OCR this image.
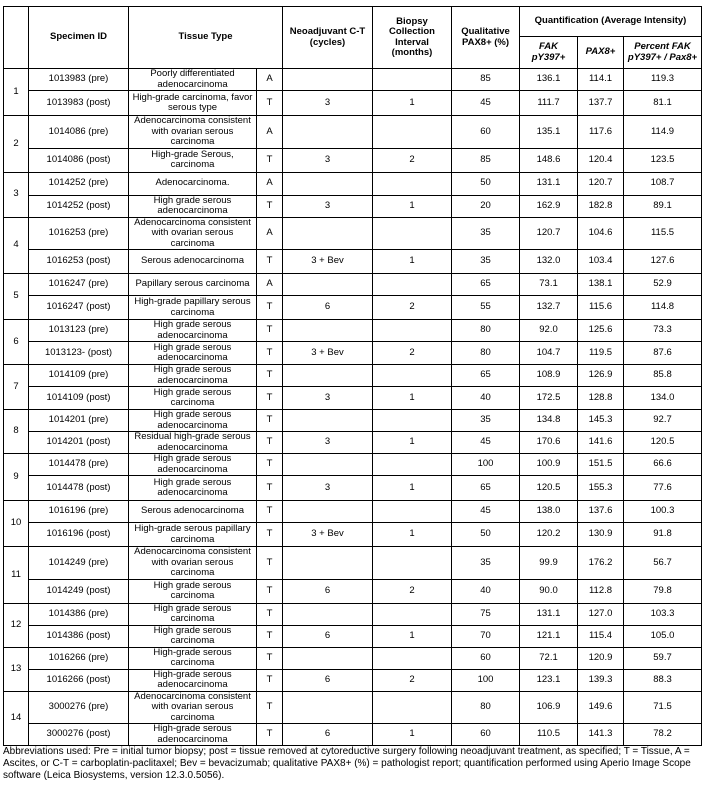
	Specimen ID	Tissue Type		Neoadjuvant C-T (cycles)	Biopsy Collection Interval (months)	Qualitative PAX8+ (%)	Quantification (Average Intensity)		
							FAK pY397+	PAX8+	Percent FAK pY397+ / Pax8+
1	1013983 (pre)	Poorly differentiated adenocarcinoma	A			85	136.1	114.1	119.3
	1013983 (post)	High-grade carcinoma, favor serous type	T	3	1	45	111.7	137.7	81.1
2	1014086 (pre)	Adenocarcinoma consistent with ovarian serous carcinoma	A			60	135.1	117.6	114.9
	1014086 (post)	High-grade Serous, carcinoma	T	3	2	85	148.6	120.4	123.5
3	1014252 (pre)	Adenocarcinoma.	A			50	131.1	120.7	108.7
	1014252 (post)	High grade serous adenocarcinoma	T	3	1	20	162.9	182.8	89.1
4	1016253 (pre)	Adenocarcinoma consistent with ovarian serous carcinoma	A			35	120.7	104.6	115.5
	1016253 (post)	Serous adenocarcinoma	T	3 + Bev	1	35	132.0	103.4	127.6
5	1016247 (pre)	Papillary serous carcinoma	A			65	73.1	138.1	52.9
	1016247 (post)	High-grade papillary serous carcinoma	T	6	2	55	132.7	115.6	114.8
6	1013123 (pre)	High grade serous adenocarcinoma	T			80	92.0	125.6	73.3
	1013123- (post)	High grade serous adenocarcinoma	T	3 + Bev	2	80	104.7	119.5	87.6
7	1014109 (pre)	High grade serous adenocarcinoma	T			65	108.9	126.9	85.8
	1014109 (post)	High grade serous carcinoma	T	3	1	40	172.5	128.8	134.0
8	1014201 (pre)	High grade serous adenocarcinoma	T			35	134.8	145.3	92.7
	1014201 (post)	Residual high-grade serous adenocarcinoma	T	3	1	45	170.6	141.6	120.5
9	1014478 (pre)	High grade serous adenocarcinoma	T			100	100.9	151.5	66.6
	1014478 (post)	High grade serous adenocarcinoma	T	3	1	65	120.5	155.3	77.6
10	1016196 (pre)	Serous adenocarcinoma	T			45	138.0	137.6	100.3
	1016196 (post)	High-grade serous papillary carcinoma	T	3 + Bev	1	50	120.2	130.9	91.8
11	1014249 (pre)	Adenocarcinoma consistent with ovarian serous carcinoma	T			35	99.9	176.2	56.7
	1014249 (post)	High grade serous carcinoma	T	6	2	40	90.0	112.8	79.8
12	1014386 (pre)	High grade serous carcinoma	T			75	131.1	127.0	103.3
	1014386 (post)	High grade serous carcinoma	T	6	1	70	121.1	115.4	105.0
13	1016266 (pre)	High-grade serous carcinoma	T			60	72.1	120.9	59.7
	1016266 (post)	High-grade serous adenocarcinoma	T	6	2	100	123.1	139.3	88.3
14	3000276 (pre)	Adenocarcinoma consistent with ovarian serous carcinoma	T			80	106.9	149.6	71.5
	3000276 (post)	High-grade serous adenocarcinoma	T	6	1	60	110.5	141.3	78.2

Abbreviations used: Pre = initial tumor biopsy; post = tissue removed at cytoreductive surgery following neoadjuvant treatment, as specified; T = Tissue, A = Ascites, or C-T = carboplatin-paclitaxel; Bev = bevacizumab; qualitative PAX8+ (%) = pathologist report; quantification performed using Aperio Image Scope software (Leica Biosystems, version 12.3.0.5056).
